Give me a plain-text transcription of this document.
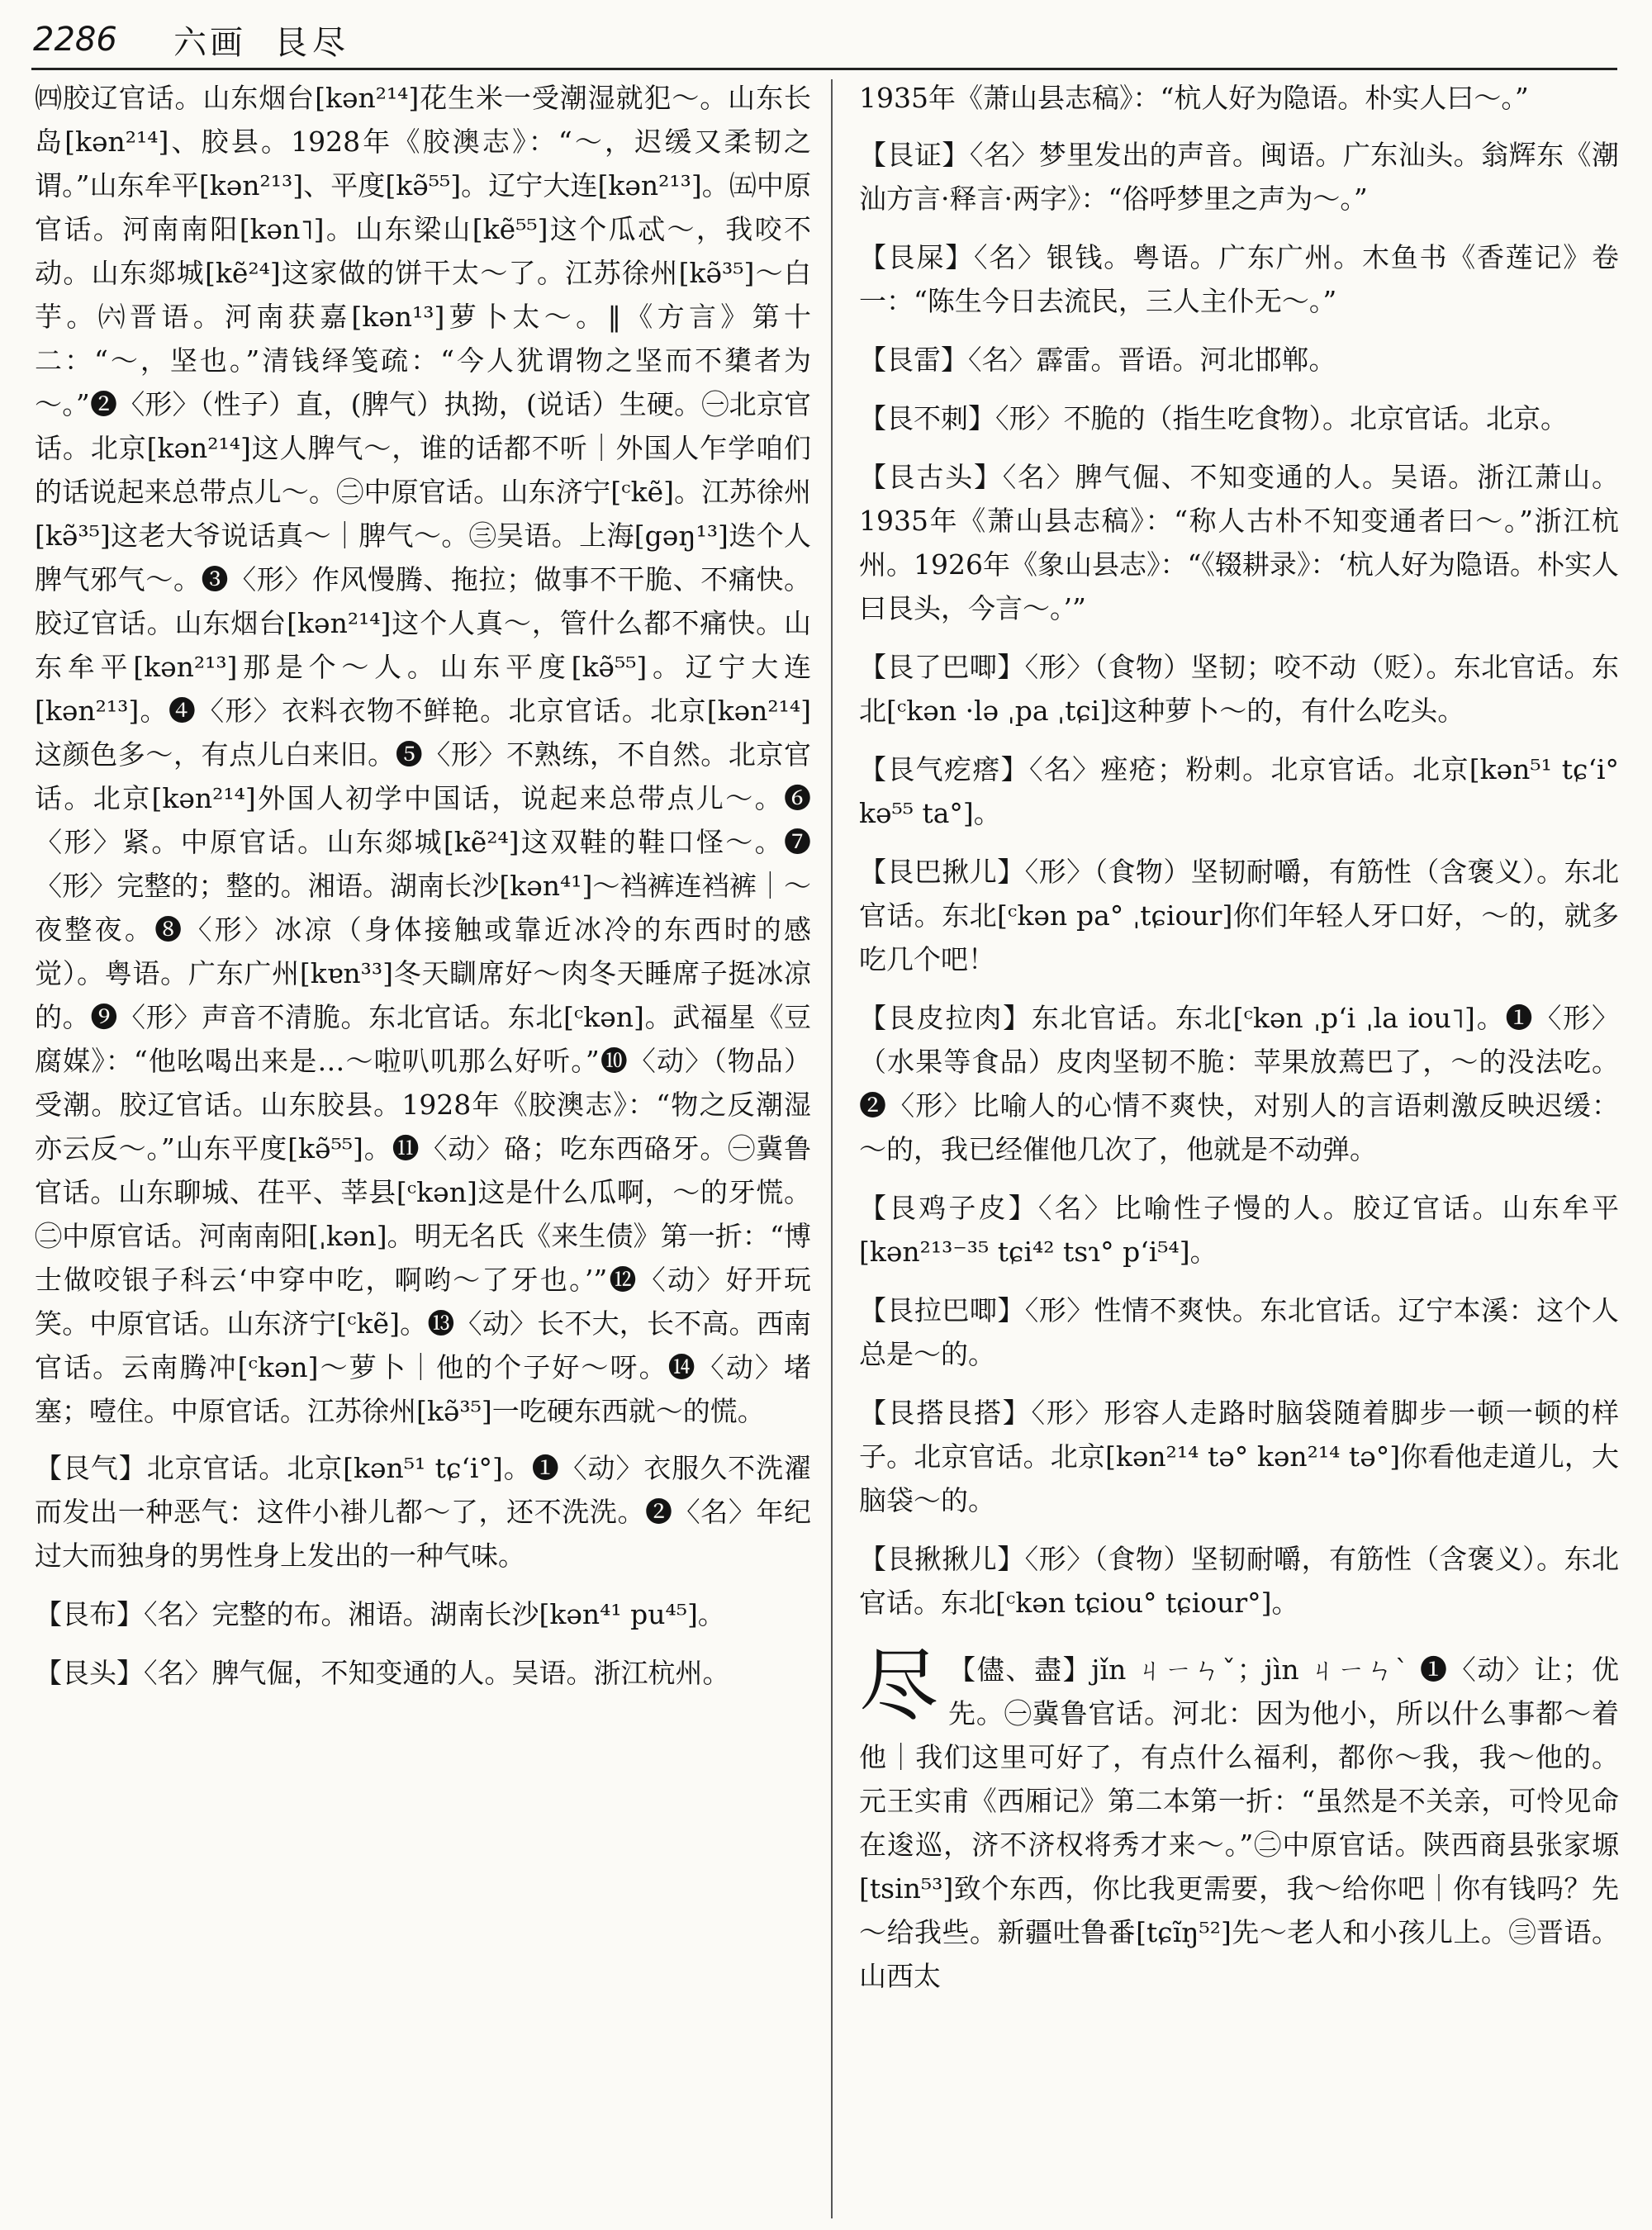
2286	六画 艮尽

㈣胶辽官话。山东烟台[kən²¹⁴]花生米一受潮湿就犯～。山东长岛[kən²¹⁴]、胶县。1928年《胶澳志》：“～，迟缓又柔韧之谓。”山东牟平[kən²¹³]、平度[kə̃⁵⁵]。辽宁大连[kən²¹³]。㈤中原官话。河南南阳[kən˥]。山东梁山[kẽ⁵⁵]这个瓜忒～，我咬不动。山东郯城[kẽ²⁴]这家做的饼干太～了。江苏徐州[kə̃³⁵]～白芋。㈥晋语。河南获嘉[kən¹³]萝卜太～。‖《方言》第十二：“～，坚也。”清钱绎笺疏：“今人犹谓物之坚而不橥者为～。”❷〈形〉（性子）直，(脾气）执拗，(说话）生硬。㊀北京官话。北京[kən²¹⁴]这人脾气～，谁的话都不听｜外国人乍学咱们的话说起来总带点儿～。㊁中原官话。山东济宁[ᶜkẽ]。江苏徐州[kə̃³⁵]这老大爷说话真～｜脾气～。㊂吴语。上海[gəŋ¹³]迭个人脾气邪气～。❸〈形〉作风慢腾、拖拉；做事不干脆、不痛快。胶辽官话。山东烟台[kən²¹⁴]这个人真～，管什么都不痛快。山东牟平[kən²¹³]那是个～人。山东平度[kə̃⁵⁵]。辽宁大连[kən²¹³]。❹〈形〉衣料衣物不鲜艳。北京官话。北京[kən²¹⁴]这颜色多～，有点儿白来旧。❺〈形〉不熟练，不自然。北京官话。北京[kən²¹⁴]外国人初学中国话，说起来总带点儿～。❻〈形〉紧。中原官话。山东郯城[kẽ²⁴]这双鞋的鞋口怪～。❼〈形〉完整的；整的。湘语。湖南长沙[kən⁴¹]～裆裤连裆裤｜～夜整夜。❽〈形〉冰凉（身体接触或靠近冰冷的东西时的感觉）。粤语。广东广州[kɐn³³]冬天瞓席好～肉冬天睡席子挺冰凉的。❾〈形〉声音不清脆。东北官话。东北[ᶜkən]。武福星《豆腐媒》：“他吆喝出来是…～啦叭叽那么好听。”❿〈动〉（物品）受潮。胶辽官话。山东胶县。1928年《胶澳志》：“物之反潮湿亦云反～。”山东平度[kə̃⁵⁵]。⓫〈动〉硌；吃东西硌牙。㊀冀鲁官话。山东聊城、茌平、莘县[ᶜkən]这是什么瓜啊，～的牙慌。㊁中原官话。河南南阳[ˌkən]。明无名氏《来生债》第一折：“博士做咬银子科云‘中穿中吃，啊哟～了牙也。’”⓬〈动〉好开玩笑。中原官话。山东济宁[ᶜkẽ]。⓭〈动〉长不大，长不高。西南官话。云南腾冲[ᶜkən]～萝卜｜他的个子好～呀。⓮〈动〉堵塞；噎住。中原官话。江苏徐州[kə̃³⁵]一吃硬东西就～的慌。

【艮气】北京官话。北京[kən⁵¹ tɕʻi°]。❶〈动〉衣服久不洗濯而发出一种恶气：这件小褂儿都～了，还不洗洗。❷〈名〉年纪过大而独身的男性身上发出的一种气味。

【艮布】〈名〉完整的布。湘语。湖南长沙[kən⁴¹ pu⁴⁵]。

【艮头】〈名〉脾气倔，不知变通的人。吴语。浙江杭州。

1935年《萧山县志稿》：“杭人好为隐语。朴实人曰～。”

【艮证】〈名〉梦里发出的声音。闽语。广东汕头。翁辉东《潮汕方言·释言·两字》：“俗呼梦里之声为～。”

【艮屎】〈名〉银钱。粤语。广东广州。木鱼书《香莲记》卷一：“陈生今日去流民，三人主仆无～。”

【艮雷】〈名〉霹雷。晋语。河北邯郸。

【艮不刺】〈形〉不脆的（指生吃食物）。北京官话。北京。

【艮古头】〈名〉脾气倔、不知变通的人。吴语。浙江萧山。1935年《萧山县志稿》：“称人古朴不知变通者曰～。”浙江杭州。1926年《象山县志》：“《辍耕录》：‘杭人好为隐语。朴实人曰艮头，今言～。’”

【艮了巴唧】〈形〉（食物）坚韧；咬不动（贬）。东北官话。东北[ᶜkən ·lə ˌpa ˌtɕi]这种萝卜～的，有什么吃头。

【艮气疙瘩】〈名〉痤疮；粉刺。北京官话。北京[kən⁵¹ tɕʻi° kə⁵⁵ ta°]。

【艮巴揪儿】〈形〉（食物）坚韧耐嚼，有筋性（含褒义）。东北官话。东北[ᶜkən pa° ˌtɕiour]你们年轻人牙口好，～的，就多吃几个吧！

【艮皮拉肉】东北官话。东北[ᶜkən ˌpʻi ˌla iou˥]。❶〈形〉（水果等食品）皮肉坚韧不脆：苹果放蔫巴了，～的没法吃。❷〈形〉比喻人的心情不爽快，对别人的言语刺激反映迟缓：～的，我已经催他几次了，他就是不动弹。

【艮鸡子皮】〈名〉比喻性子慢的人。胶辽官话。山东牟平[kən²¹³⁻³⁵ tɕi⁴² tsɿ° pʻi⁵⁴]。

【艮拉巴唧】〈形〉性情不爽快。东北官话。辽宁本溪：这个人总是～的。

【艮搭艮搭】〈形〉形容人走路时脑袋随着脚步一顿一顿的样子。北京官话。北京[kən²¹⁴ tə° kən²¹⁴ tə°]你看他走道儿，大脑袋～的。

【艮揪揪儿】〈形〉（食物）坚韧耐嚼，有筋性（含褒义）。东北官话。东北[ᶜkən tɕiou° tɕiour°]。

尽 【儘、盡】jǐn ㄐㄧㄣˇ；jìn ㄐㄧㄣˋ ❶〈动〉让；优先。㊀冀鲁官话。河北：因为他小，所以什么事都～着他｜我们这里可好了，有点什么福利，都你～我，我～他的。元王实甫《西厢记》第二本第一折：“虽然是不关亲，可怜见命在逡巡，济不济权将秀才来～。”㊁中原官话。陕西商县张家塬[tsin⁵³]致个东西，你比我更需要，我～给你吧｜你有钱吗？先～给我些。新疆吐鲁番[tɕĩŋ⁵²]先～老人和小孩儿上。㊂晋语。山西太
